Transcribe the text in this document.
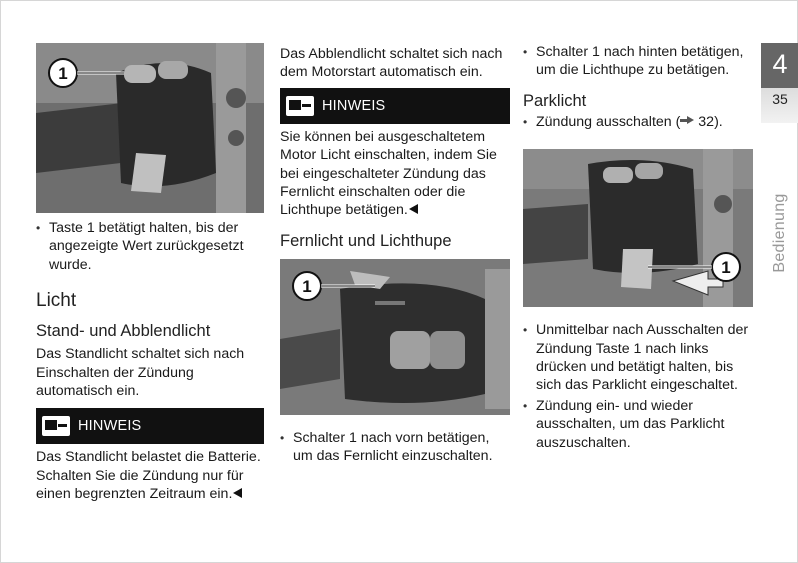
1
• Taste 1 betätigt halten, bis der angezeigte Wert zurückgesetzt wurde.
Licht
Stand- und Abblendlicht
Das Standlicht schaltet sich nach Einschalten der Zündung automatisch ein.
HINWEIS
Das Standlicht belastet die Batterie. Schalten Sie die Zündung nur für einen begrenzten Zeitraum ein.
Das Abblendlicht schaltet sich nach dem Motorstart automatisch ein.
HINWEIS
Sie können bei ausgeschaltetem Motor Licht einschalten, indem Sie bei eingeschalteter Zündung das Fernlicht einschalten oder die Lichthupe betätigen.
Fernlicht und Lichthupe
1
• Schalter 1 nach vorn betätigen, um das Fernlicht einzuschalten.
• Schalter 1 nach hinten betätigen, um die Lichthupe zu betätigen.
Parklicht
• Zündung ausschalten ( 32).
1
• Unmittelbar nach Ausschalten der Zündung Taste 1 nach links drücken und betätigt halten, bis sich das Parklicht eingeschaltet.
• Zündung ein- und wieder ausschalten, um das Parklicht auszuschalten.
4
35
Bedienung
